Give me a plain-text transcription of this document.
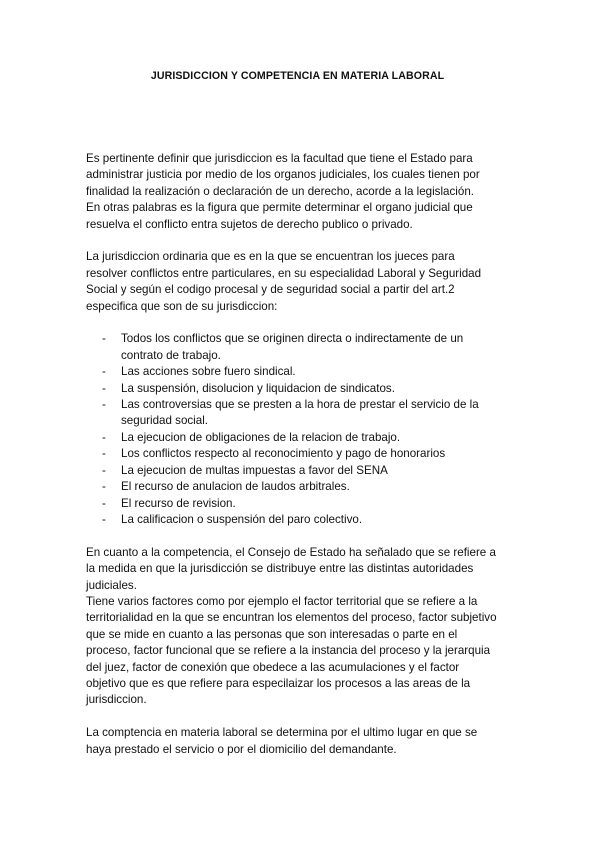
JURISDICCION Y COMPETENCIA EN MATERIA LABORAL

Es pertinente definir que jurisdiccion es la facultad que tiene el Estado para
administrar justicia por medio de los organos judiciales, los cuales tienen por
finalidad la realización o declaración de un derecho, acorde a la legislación.
En otras palabras es la figura que permite determinar el organo judicial que
resuelva el conflicto entra sujetos de derecho publico o privado.

La jurisdiccion ordinaria que es en la que se encuentran los jueces para
resolver conflictos entre particulares, en su especialidad Laboral y Seguridad
Social y según el codigo procesal y de seguridad social a partir del art.2
especifica que son de su jurisdiccion:

- Todos los conflictos que se originen directa o indirectamente de un
contrato de trabajo.
- Las acciones sobre fuero sindical.
- La suspensión, disolucion y liquidacion de sindicatos.
- Las controversias que se presten a la hora de prestar el servicio de la
seguridad social.
- La ejecucion de obligaciones de la relacion de trabajo.
- Los conflictos respecto al reconocimiento y pago de honorarios
- La ejecucion de multas impuestas a favor del SENA
- El recurso de anulacion de laudos arbitrales.
- El recurso de revision.
- La calificacion o suspensión del paro colectivo.

En cuanto a la competencia, el Consejo de Estado ha señalado que se refiere a
la medida en que la jurisdicción se distribuye entre las distintas autoridades
judiciales.

Tiene varios factores como por ejemplo el factor territorial que se refiere a la
territorialidad en la que se encuntran los elementos del proceso, factor subjetivo
que se mide en cuanto a las personas que son interesadas o parte en el
proceso, factor funcional que se refiere a la instancia del proceso y la jerarquia
del juez, factor de conexión que obedece a las acumulaciones y el factor
objetivo que es que refiere para especilaizar los procesos a las areas de la
jurisdiccion.

La comptencia en materia laboral se determina por el ultimo lugar en que se
haya prestado el servicio o por el diomicilio del demandante.
